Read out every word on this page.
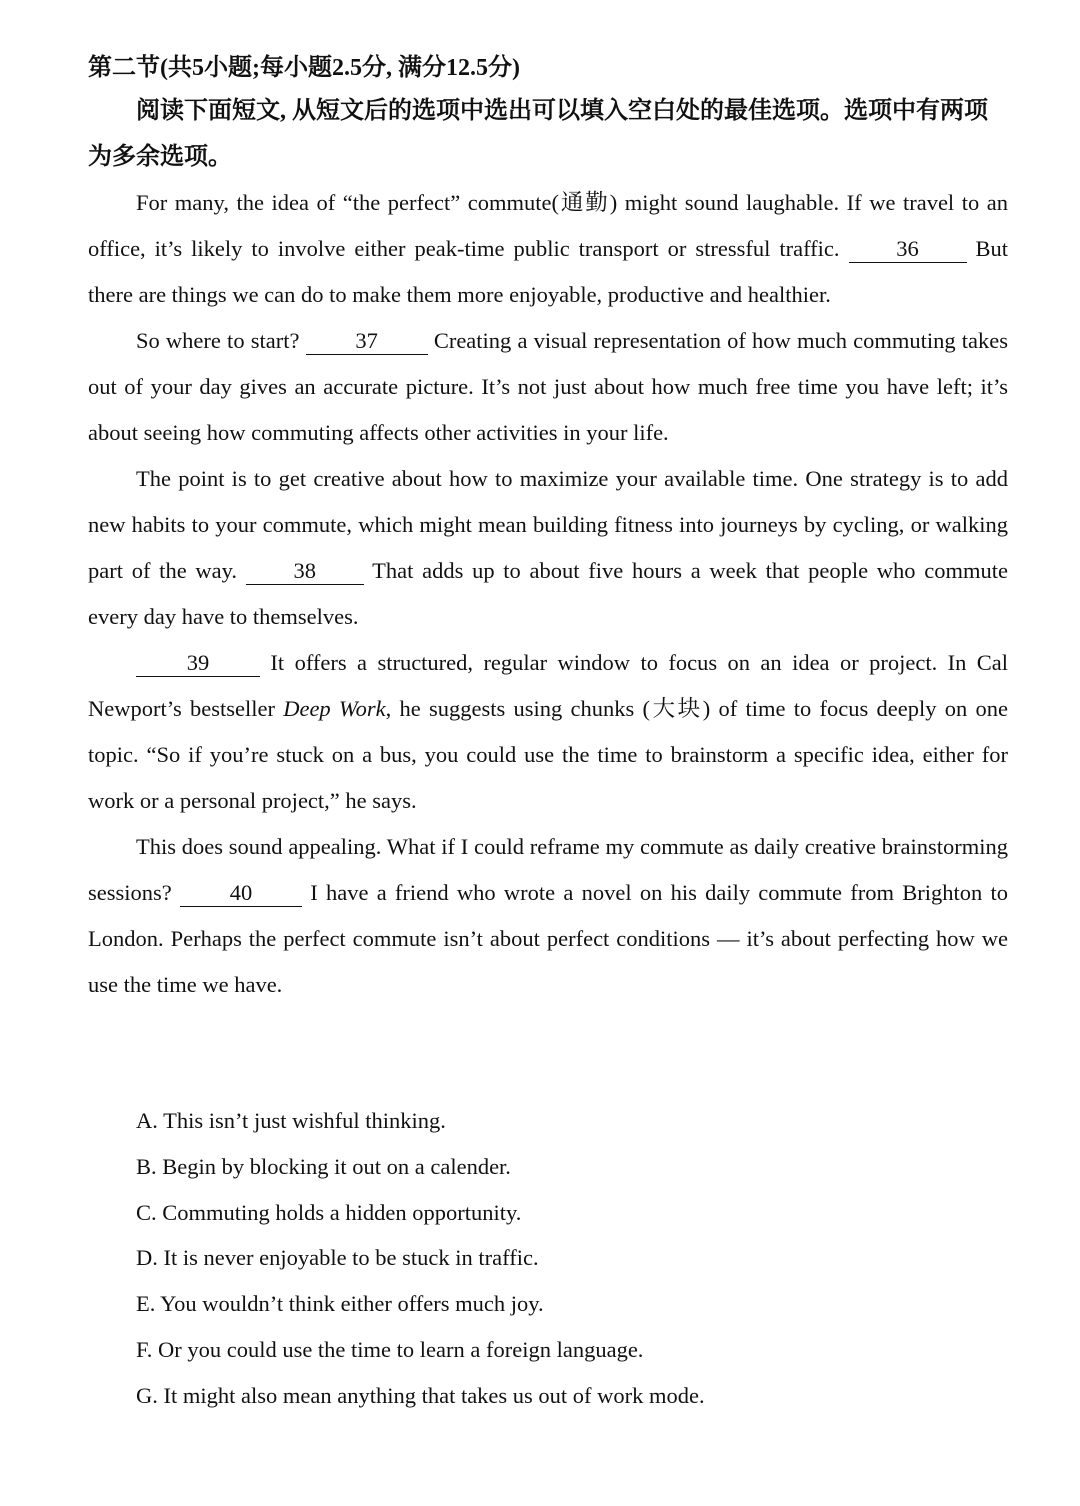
第二节(共5小题;每小题2.5分, 满分12.5分)

阅读下面短文, 从短文后的选项中选出可以填入空白处的最佳选项。选项中有两项为多余选项。

For many, the idea of “the perfect” commute(通勤) might sound laughable. If we travel to an office, it’s likely to involve either peak-time public transport or stressful traffic.	36	But there are things we can do to make them more enjoyable, productive and healthier.

So where to start? 37 Creating a visual representation of how much commuting takes out of your day gives an accurate picture. It’s not just about how much free time you have left; it’s about seeing how commuting affects other activities in your life.

The point is to get creative about how to maximize your available time. One strategy is to add new habits to your commute, which might mean building fitness into journeys by cycling, or walking part of the way.	38 That adds up to about five hours a week that people who commute every day have to themselves.

39	It offers a structured, regular window to focus on an idea or project. In Cal Newport’s bestseller Deep Work, he suggests using chunks (大块) of time to focus deeply on one topic. “So if you’re stuck on a bus, you could use the time to brainstorm a specific idea, either for work or a personal project,” he says.

This does sound appealing. What if I could reframe my commute as daily creative brainstorming sessions?	40	I have a friend who wrote a novel on his daily commute from Brighton to London. Perhaps the perfect commute isn’t about perfect conditions — it’s about perfecting how we use the time we have.

A. This isn’t just wishful thinking.

B. Begin by blocking it out on a calender.

C. Commuting holds a hidden opportunity.

D. It is never enjoyable to be stuck in traffic.

E. You wouldn’t think either offers much joy.

F. Or you could use the time to learn a foreign language.

G. It might also mean anything that takes us out of work mode.
